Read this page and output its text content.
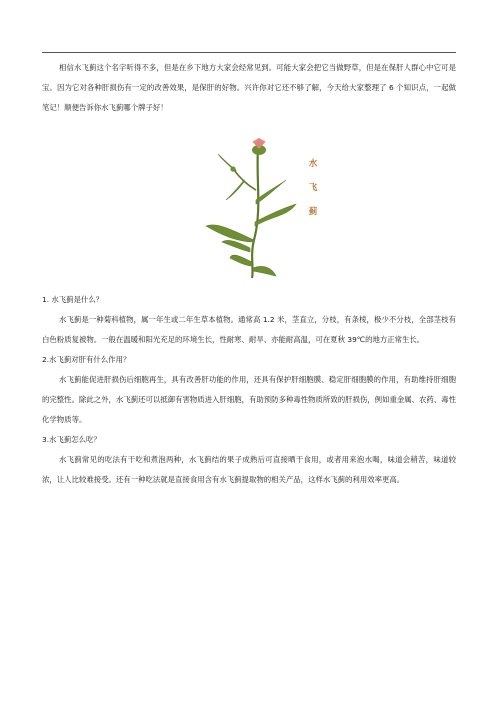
相信水飞蓟这个名字听得不多，但是在乡下地方大家会经常见到。可能大家会把它当做野草，但是在保肝人群心中它可是宝。因为它对各种肝损伤有一定的改善效果，是保肝的好物。兴许你对它还不够了解，今天给大家整理了 6 个知识点，一起做笔记！顺便告诉你水飞蓟哪个牌子好！

水
飞
蓟
1. 水飞蓟是什么？

水飞蓟是一种菊科植物，属一年生或二年生草本植物。通常高 1.2 米，茎直立，分枝，有条棱，极少不分枝，全部茎枝有白色粉质复被物。一般在温暖和阳光充足的环境生长，性耐寒、耐旱、亦能耐高温，可在夏秋 39℃的地方正常生长。

2.水飞蓟对肝有什么作用？

水飞蓟能促进肝损伤后细胞再生，具有改善肝功能的作用，还具有保护肝细胞膜、稳定肝细胞膜的作用，有助维持肝细胞的完整性。除此之外，水飞蓟还可以抵御有害物质进入肝细胞，有助预防多种毒性物质所致的肝损伤，例如重金属、农药、毒性化学物质等。

3.水飞蓟怎么吃？

水飞蓟常见的吃法有干吃和煮泡两种，水飞蓟结的果子成熟后可直接晒干食用，或者用来泡水喝，味道会稍苦，味道较浓，让人比较难接受。还有一种吃法就是直接食用含有水飞蓟提取物的相关产品，这样水飞蓟的利用效率更高。
